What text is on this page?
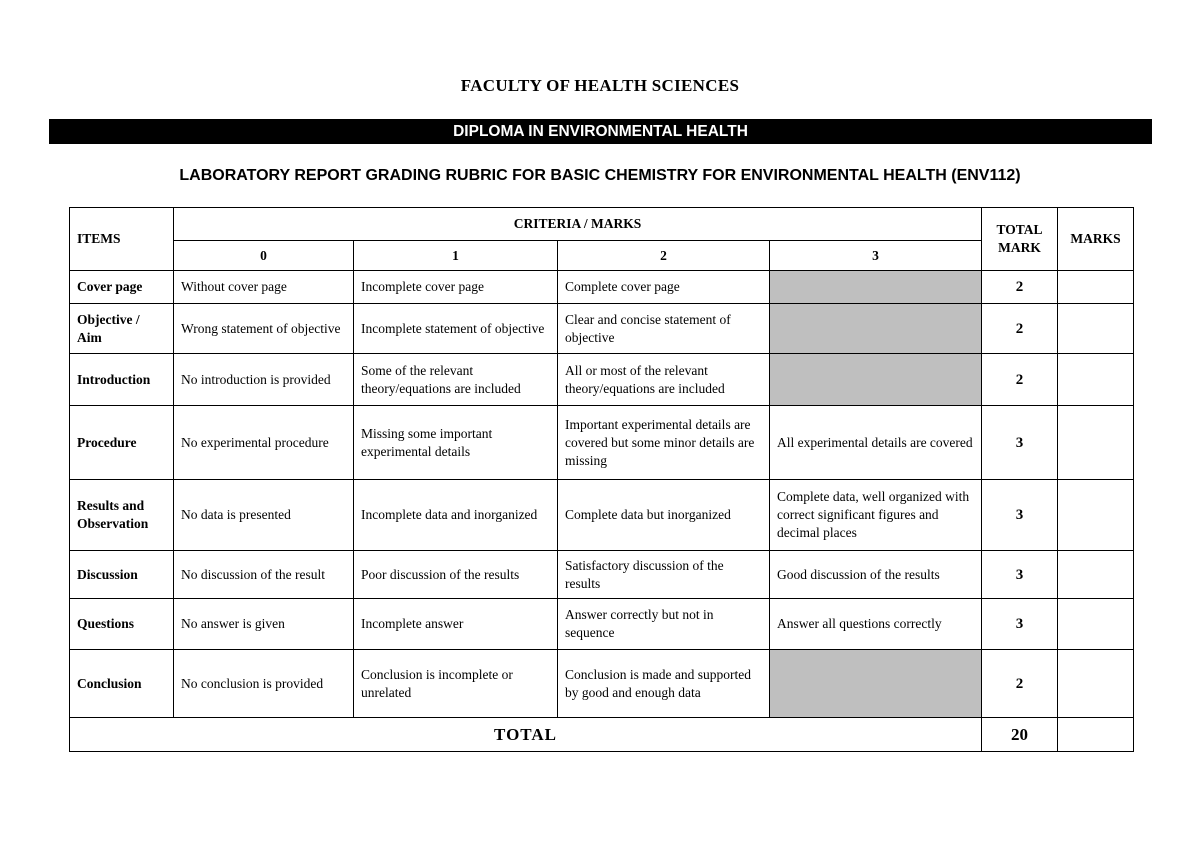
FACULTY OF HEALTH SCIENCES
DIPLOMA IN ENVIRONMENTAL HEALTH
LABORATORY REPORT GRADING RUBRIC FOR BASIC CHEMISTRY FOR ENVIRONMENTAL HEALTH (ENV112)
ITEMS	CRITERIA / MARKS				TOTAL MARK	MARKS
	0	1	2	3		
Cover page	Without cover page	Incomplete cover page	Complete cover page		2	
Objective / Aim	Wrong statement of objective	Incomplete statement of objective	Clear and concise statement of objective		2	
Introduction	No introduction is provided	Some of the relevant theory/equations are included	All or most of the relevant theory/equations are included		2	
Procedure	No experimental procedure	Missing some important experimental details	Important experimental details are covered but some minor details are missing	All experimental details are covered	3	
Results and Observation	No data is presented	Incomplete data and inorganized	Complete data but inorganized	Complete data, well organized with correct significant figures and decimal places	3	
Discussion	No discussion of the result	Poor discussion of the results	Satisfactory discussion of the results	Good discussion of the results	3	
Questions	No answer is given	Incomplete answer	Answer correctly but not in sequence	Answer all questions correctly	3	
Conclusion	No conclusion is provided	Conclusion is incomplete or unrelated	Conclusion is made and supported by good and enough data		2	
TOTAL					20	
